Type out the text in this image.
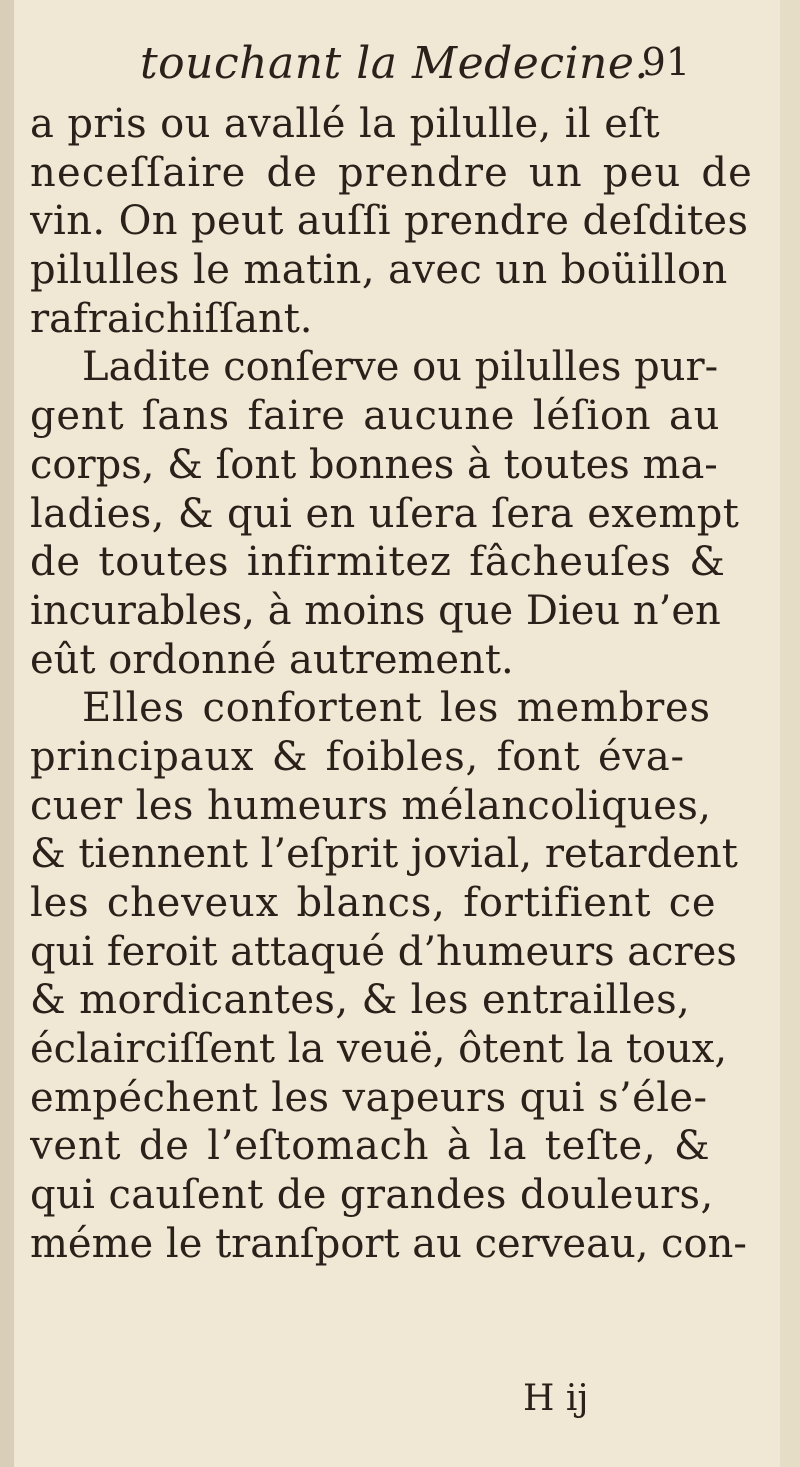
touchant la Medecine.
91
a pris ou avallé la pilulle, il eſt
neceſſaire de prendre un peu de
vin. On peut auſſi prendre deſdites
pilulles le matin, avec un boüillon
rafraichiſſant.
Ladite conſerve ou pilulles pur-
gent ſans faire aucune léſion au
corps, & ſont bonnes à toutes ma-
ladies, & qui en uſera ſera exempt
de toutes infirmitez fâcheuſes &
incurables, à moins que Dieu n’en
eût ordonné autrement.
Elles confortent les membres
principaux & foibles, font éva-
cuer les humeurs mélancoliques,
& tiennent l’eſprit jovial, retardent
les cheveux blancs, fortifient ce
qui feroit attaqué d’humeurs acres
& mordicantes, & les entrailles,
éclairciſſent la veuë, ôtent la toux,
empéchent les vapeurs qui s’éle-
vent de l’eſtomach à la teſte, &
qui cauſent de grandes douleurs,
méme le tranſport au cerveau, con-
H ij
